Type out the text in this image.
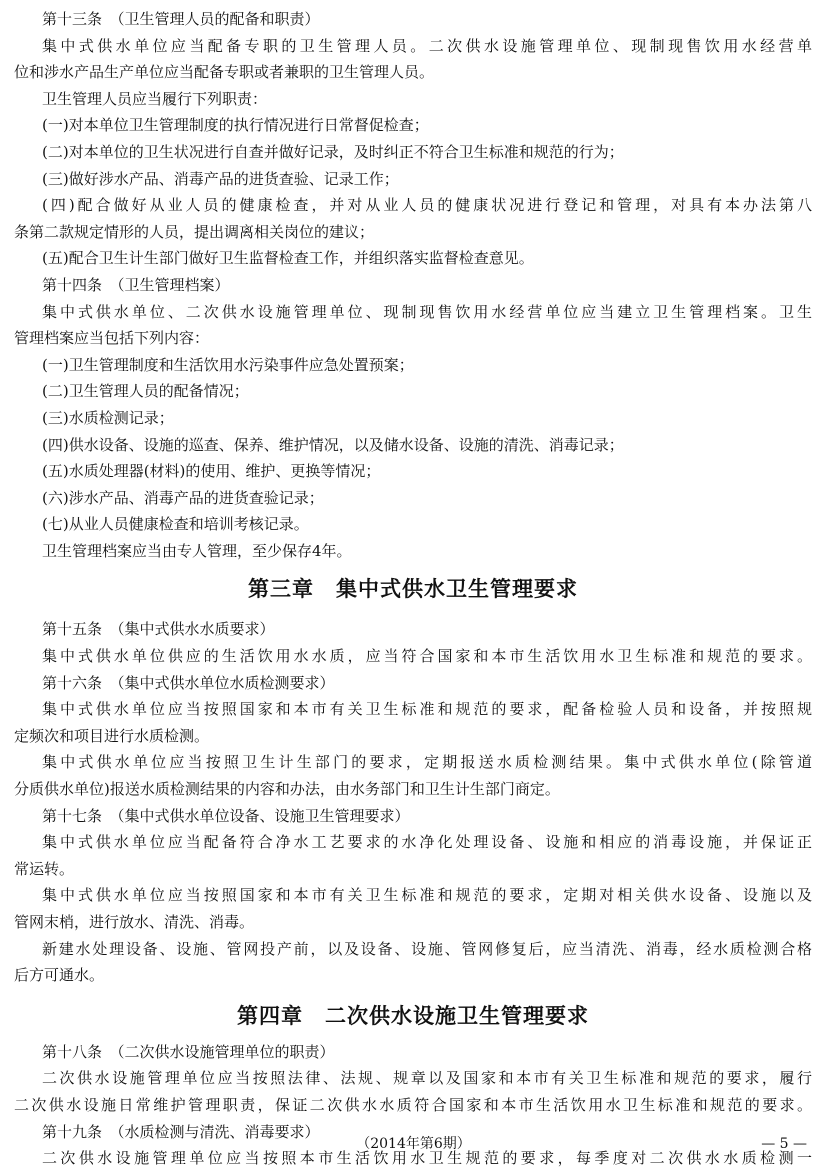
第十三条　（卫生管理人员的配备和职责）
集中式供水单位应当配备专职的卫生管理人员。二次供水设施管理单位、现制现售饮用水经营单
位和涉水产品生产单位应当配备专职或者兼职的卫生管理人员。
卫生管理人员应当履行下列职责：
(一)对本单位卫生管理制度的执行情况进行日常督促检查；
(二)对本单位的卫生状况进行自查并做好记录，及时纠正不符合卫生标准和规范的行为；
(三)做好涉水产品、消毒产品的进货查验、记录工作；
(四)配合做好从业人员的健康检查，并对从业人员的健康状况进行登记和管理，对具有本办法第八
条第二款规定情形的人员，提出调离相关岗位的建议；
(五)配合卫生计生部门做好卫生监督检查工作，并组织落实监督检查意见。
第十四条　（卫生管理档案）
集中式供水单位、二次供水设施管理单位、现制现售饮用水经营单位应当建立卫生管理档案。卫生
管理档案应当包括下列内容：
(一)卫生管理制度和生活饮用水污染事件应急处置预案；
(二)卫生管理人员的配备情况；
(三)水质检测记录；
(四)供水设备、设施的巡查、保养、维护情况，以及储水设备、设施的清洗、消毒记录；
(五)水质处理器(材料)的使用、维护、更换等情况；
(六)涉水产品、消毒产品的进货查验记录；
(七)从业人员健康检查和培训考核记录。
卫生管理档案应当由专人管理，至少保存4年。
第三章　集中式供水卫生管理要求
第十五条　（集中式供水水质要求）
集中式供水单位供应的生活饮用水水质，应当符合国家和本市生活饮用水卫生标准和规范的要求。
第十六条　（集中式供水单位水质检测要求）
集中式供水单位应当按照国家和本市有关卫生标准和规范的要求，配备检验人员和设备，并按照规
定频次和项目进行水质检测。
集中式供水单位应当按照卫生计生部门的要求，定期报送水质检测结果。集中式供水单位(除管道
分质供水单位)报送水质检测结果的内容和办法，由水务部门和卫生计生部门商定。
第十七条　（集中式供水单位设备、设施卫生管理要求）
集中式供水单位应当配备符合净水工艺要求的水净化处理设备、设施和相应的消毒设施，并保证正
常运转。
集中式供水单位应当按照国家和本市有关卫生标准和规范的要求，定期对相关供水设备、设施以及
管网末梢，进行放水、清洗、消毒。
新建水处理设备、设施、管网投产前，以及设备、设施、管网修复后，应当清洗、消毒，经水质检测合格
后方可通水。
第四章　二次供水设施卫生管理要求
第十八条　（二次供水设施管理单位的职责）
二次供水设施管理单位应当按照法律、法规、规章以及国家和本市有关卫生标准和规范的要求，履行
二次供水设施日常维护管理职责，保证二次供水水质符合国家和本市生活饮用水卫生标准和规范的要求。
第十九条　（水质检测与清洗、消毒要求）
二次供水设施管理单位应当按照本市生活饮用水卫生规范的要求，每季度对二次供水水质检测一
（2014年第6期）	— 5 —
